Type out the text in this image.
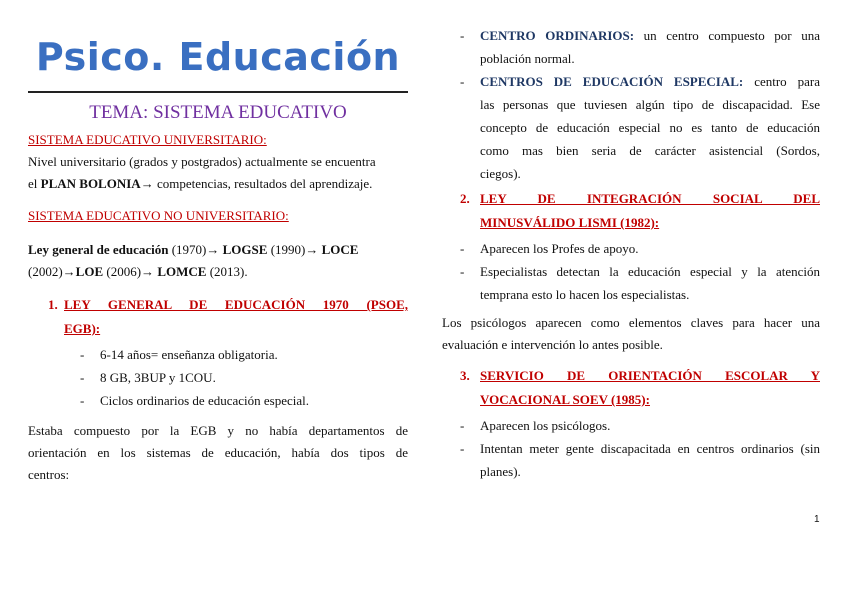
Psico. Educación
TEMA: SISTEMA EDUCATIVO
SISTEMA EDUCATIVO UNIVERSITARIO:
Nivel universitario (grados y postgrados) actualmente se encuentra
el PLAN BOLONIA→ competencias, resultados del aprendizaje.
SISTEMA EDUCATIVO NO UNIVERSITARIO:
Ley general de educación (1970)→ LOGSE (1990)→ LOCE
(2002)→LOE (2006)→ LOMCE (2013).
1. LEY GENERAL DE EDUCACIÓN 1970 (PSOE,
EGB):
-	6-14 años= enseñanza obligatoria.
-	8 GB, 3BUP y 1COU.
-	Ciclos ordinarios de educación especial.
Estaba compuesto por la EGB y no había departamentos de
orientación en los sistemas de educación, había dos tipos de
centros:
-	CENTRO ORDINARIOS: un centro compuesto por una
población normal.
-	CENTROS DE EDUCACIÓN ESPECIAL: centro para
las personas que tuviesen algún tipo de discapacidad. Ese
concepto de educación especial no es tanto de educación
como mas bien seria de carácter asistencial (Sordos,
ciegos).
2. LEY DE INTEGRACIÓN SOCIAL DEL
MINUSVÁLIDO LISMI (1982):
-	Aparecen los Profes de apoyo.
-	Especialistas detectan la educación especial y la atención temprana esto lo hacen los especialistas.
Los psicólogos aparecen como elementos claves para hacer una
evaluación e intervención lo antes posible.
3. SERVICIO DE ORIENTACIÓN ESCOLAR Y
VOCACIONAL SOEV (1985):
-	Aparecen los psicólogos.
-	Intentan meter gente discapacitada en centros ordinarios (sin planes).
1
